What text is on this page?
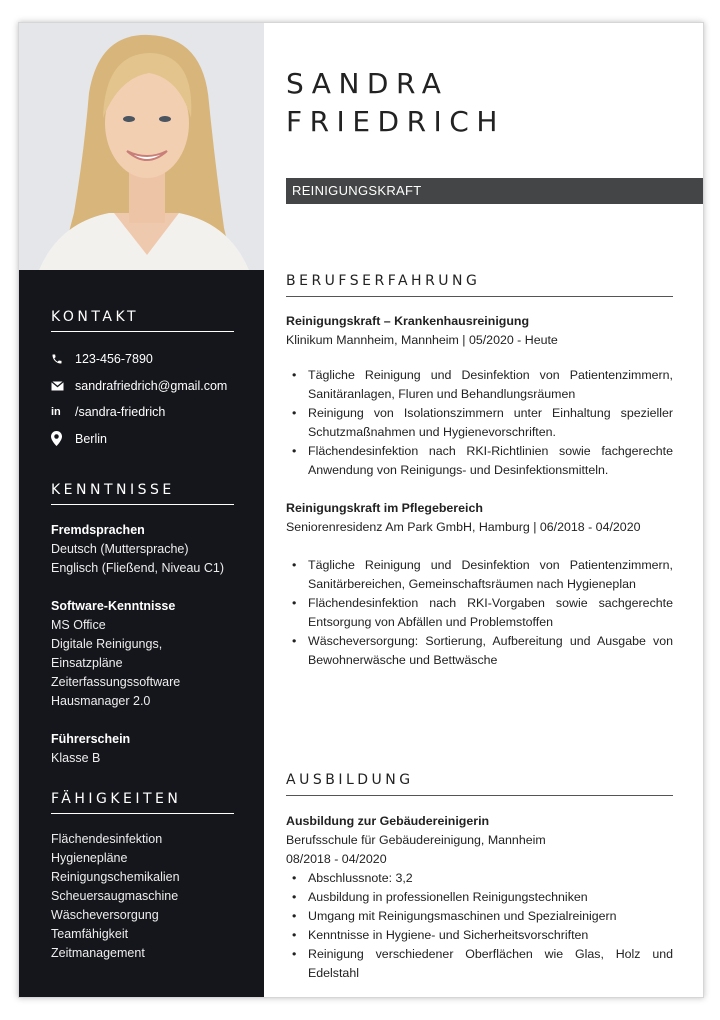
KONTAKT
123-456-7890
sandrafriedrich@gmail.com
in	/sandra-friedrich
Berlin
KENNTNISSE
Fremdsprachen
Deutsch (Muttersprache)
Englisch (Fließend, Niveau C1)
Software-Kenntnisse
MS Office
Digitale Reinigungs, Einsatzpläne
Zeiterfassungssoftware
Hausmanager 2.0
Führerschein
Klasse B
FÄHIGKEITEN
Flächendesinfektion
Hygienepläne
Reinigungschemikalien
Scheuersaugmaschine
Wäscheversorgung
Teamfähigkeit
Zeitmanagement
SANDRA
FRIEDRICH
REINIGUNGSKRAFT
BERUFSERFAHRUNG
Reinigungskraft – Krankenhausreinigung
Klinikum Mannheim, Mannheim | 05/2020 - Heute
• Tägliche Reinigung und Desinfektion von Patientenzimmern, Sanitäranlagen, Fluren und Behandlungsräumen
• Reinigung von Isolationszimmern unter Einhaltung spezieller Schutzmaßnahmen und Hygienevorschriften.
• Flächendesinfektion nach RKI-Richtlinien sowie fachgerechte Anwendung von Reinigungs- und Desinfektionsmitteln.
Reinigungskraft im Pflegebereich
Seniorenresidenz Am Park GmbH, Hamburg | 06/2018 - 04/2020
• Tägliche Reinigung und Desinfektion von Patientenzimmern, Sanitärbereichen, Gemeinschaftsräumen nach Hygieneplan
• Flächendesinfektion nach RKI-Vorgaben sowie sachgerechte Entsorgung von Abfällen und Problemstoffen
• Wäscheversorgung: Sortierung, Aufbereitung und Ausgabe von Bewohnerwäsche und Bettwäsche
AUSBILDUNG
Ausbildung zur Gebäudereinigerin
Berufsschule für Gebäudereinigung, Mannheim
08/2018 - 04/2020
• Abschlussnote: 3,2
• Ausbildung in professionellen Reinigungstechniken
• Umgang mit Reinigungsmaschinen und Spezialreinigern
• Kenntnisse in Hygiene- und Sicherheitsvorschriften
• Reinigung verschiedener Oberflächen wie Glas, Holz und Edelstahl
